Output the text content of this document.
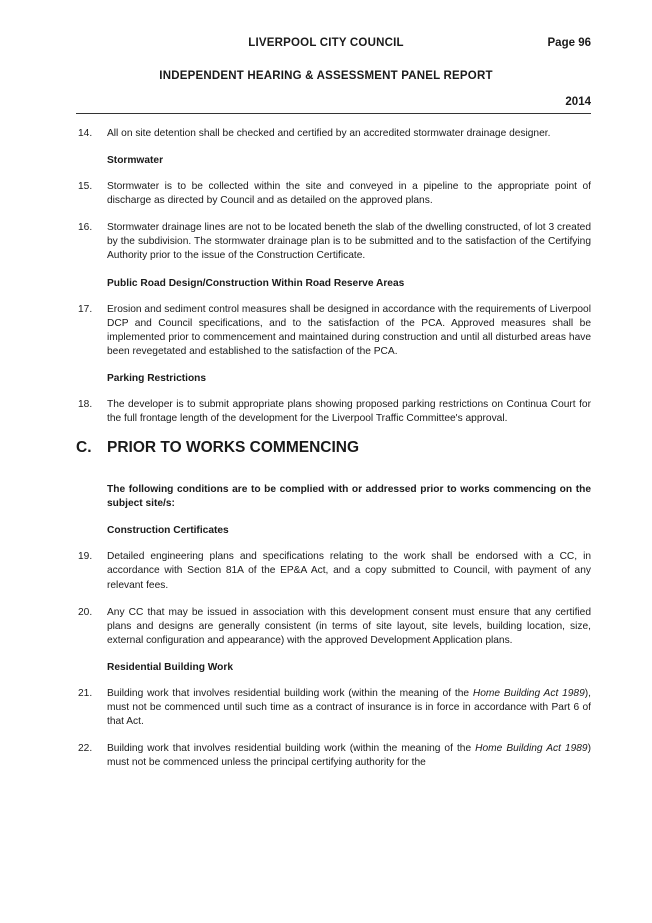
LIVERPOOL CITY COUNCIL	Page 96
INDEPENDENT HEARING & ASSESSMENT PANEL REPORT
2014
14. All on site detention shall be checked and certified by an accredited stormwater drainage designer.
Stormwater
15. Stormwater is to be collected within the site and conveyed in a pipeline to the appropriate point of discharge as directed by Council and as detailed on the approved plans.
16. Stormwater drainage lines are not to be located beneth the slab of the dwelling constructed, of lot 3 created by the subdivision. The stormwater drainage plan is to be submitted and to the satisfaction of the Certifying Authority prior to the issue of the Construction Certificate.
Public Road Design/Construction Within Road Reserve Areas
17. Erosion and sediment control measures shall be designed in accordance with the requirements of Liverpool DCP and Council specifications, and to the satisfaction of the PCA. Approved measures shall be implemented prior to commencement and maintained during construction and until all disturbed areas have been revegetated and established to the satisfaction of the PCA.
Parking Restrictions
18. The developer is to submit appropriate plans showing proposed parking restrictions on Continua Court for the full frontage length of the development for the Liverpool Traffic Committee's approval.
C.	PRIOR TO WORKS COMMENCING
The following conditions are to be complied with or addressed prior to works commencing on the subject site/s:
Construction Certificates
19. Detailed engineering plans and specifications relating to the work shall be endorsed with a CC, in accordance with Section 81A of the EP&A Act, and a copy submitted to Council, with payment of any relevant fees.
20. Any CC that may be issued in association with this development consent must ensure that any certified plans and designs are generally consistent (in terms of site layout, site levels, building location, size, external configuration and appearance) with the approved Development Application plans.
Residential Building Work
21. Building work that involves residential building work (within the meaning of the Home Building Act 1989), must not be commenced until such time as a contract of insurance is in force in accordance with Part 6 of that Act.
22. Building work that involves residential building work (within the meaning of the Home Building Act 1989) must not be commenced unless the principal certifying authority for the
